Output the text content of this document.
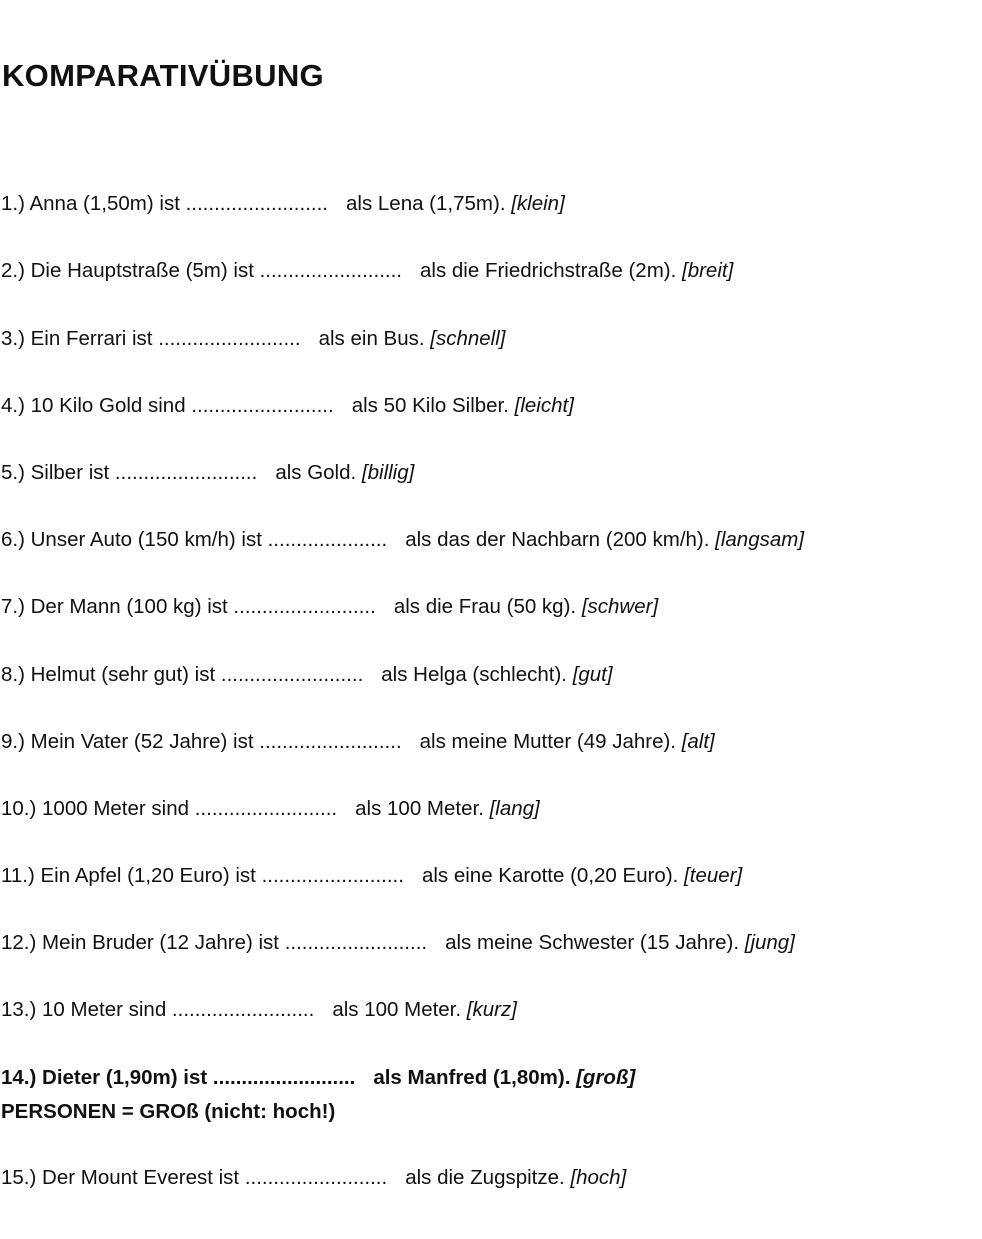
KOMPARATIVÜBUNG
1.) Anna (1,50m) ist ......................... als Lena (1,75m). [klein]
2.) Die Hauptstraße (5m) ist ......................... als die Friedrichstraße (2m). [breit]
3.) Ein Ferrari ist ......................... als ein Bus. [schnell]
4.) 10 Kilo Gold sind ......................... als 50 Kilo Silber. [leicht]
5.) Silber ist ......................... als Gold. [billig]
6.) Unser Auto (150 km/h) ist ..................... als das der Nachbarn (200 km/h). [langsam]
7.) Der Mann (100 kg) ist ......................... als die Frau (50 kg). [schwer]
8.) Helmut (sehr gut) ist ......................... als Helga (schlecht). [gut]
9.) Mein Vater (52 Jahre) ist ......................... als meine Mutter (49 Jahre). [alt]
10.) 1000 Meter sind ......................... als 100 Meter. [lang]
11.) Ein Apfel (1,20 Euro) ist ......................... als eine Karotte (0,20 Euro). [teuer]
12.) Mein Bruder (12 Jahre) ist ......................... als meine Schwester (15 Jahre). [jung]
13.) 10 Meter sind ......................... als 100 Meter. [kurz]
14.) Dieter (1,90m) ist ......................... als Manfred (1,80m). [groß]
PERSONEN = GROß (nicht: hoch!)
15.) Der Mount Everest ist ......................... als die Zugspitze. [hoch]
